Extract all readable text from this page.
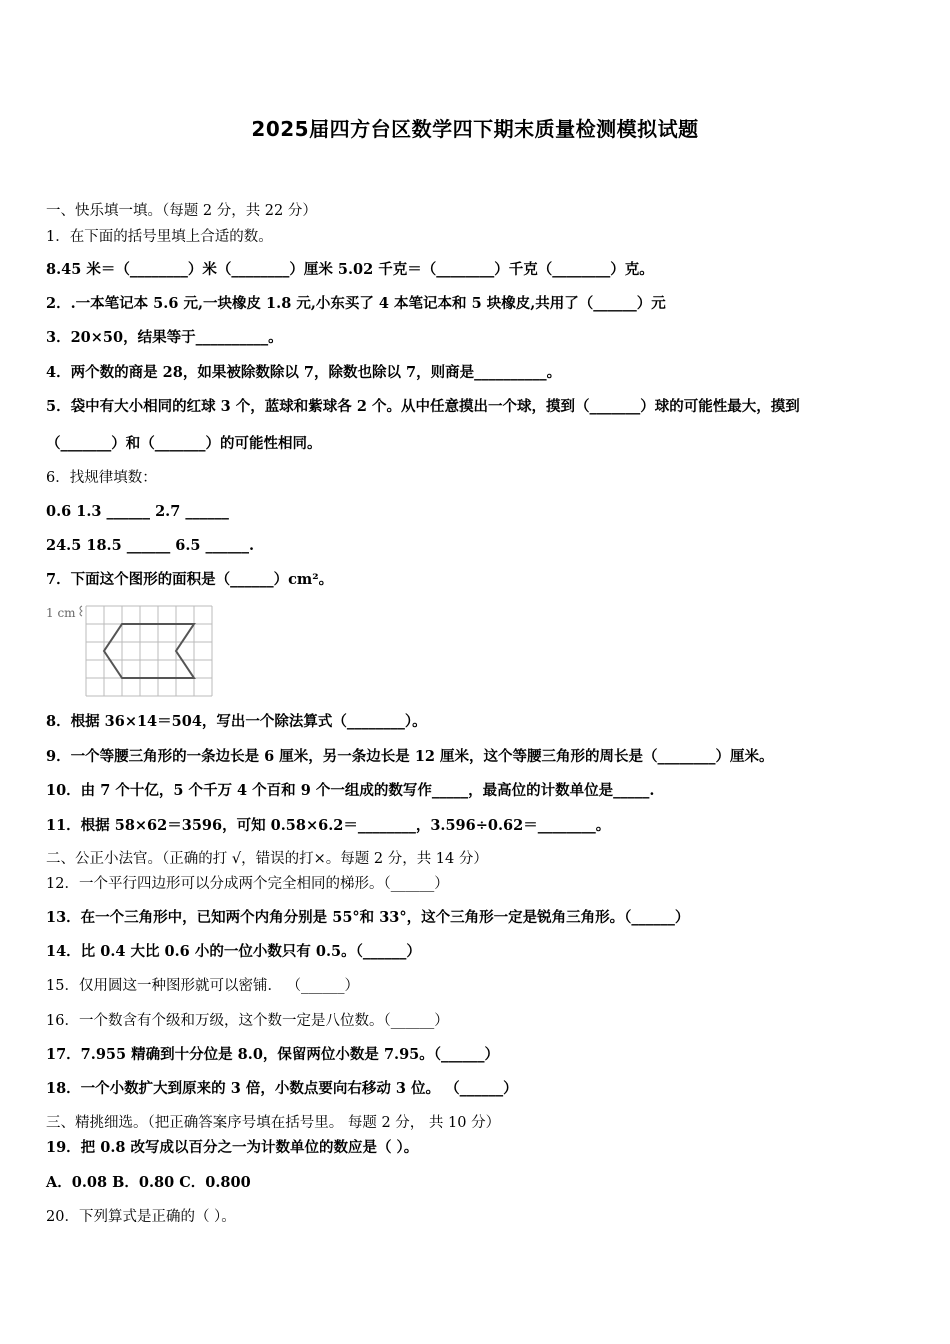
2025届四方台区数学四下期末质量检测模拟试题
一、快乐填一填。（每题 2 分，共 22 分）
1．在下面的括号里填上合适的数。
8.45 米＝（________）米（________）厘米 5.02 千克＝（________）千克（________）克。
2．.一本笔记本 5.6 元,一块橡皮 1.8 元,小东买了 4 本笔记本和 5 块橡皮,共用了（______）元
3．20×50，结果等于__________。
4．两个数的商是 28，如果被除数除以 7，除数也除以 7，则商是__________。
5．袋中有大小相同的红球 3 个，蓝球和紫球各 2 个。从中任意摸出一个球，摸到（_______）球的可能性最大，摸到
（_______）和（_______）的可能性相同。
6．找规律填数：
0.6 1.3 ______ 2.7 ______
24.5 18.5 ______ 6.5 ______.
7．下面这个图形的面积是（______）cm²。
1 cm
8．根据 36×14＝504，写出一个除法算式（________）。
9．一个等腰三角形的一条边长是 6 厘米，另一条边长是 12 厘米，这个等腰三角形的周长是（________）厘米。
10．由 7 个十亿，5 个千万 4 个百和 9 个一组成的数写作_____，最高位的计数单位是_____.
11．根据 58×62＝3596，可知 0.58×6.2＝________，3.596÷0.62＝________。
二、公正小法官。（正确的打 √，错误的打×。每题 2 分，共 14 分）
12．一个平行四边形可以分成两个完全相同的梯形。（______）
13．在一个三角形中，已知两个内角分别是 55°和 33°，这个三角形一定是锐角三角形。（______）
14．比 0.4 大比 0.6 小的一位小数只有 0.5。（______）
15．仅用圆这一种图形就可以密铺． （______）
16．一个数含有个级和万级，这个数一定是八位数。（______）
17．7.955 精确到十分位是 8.0，保留两位小数是 7.95。（______）
18．一个小数扩大到原来的 3 倍，小数点要向右移动 3 位。 （______）
三、精挑细选。（把正确答案序号填在括号里。 每题 2 分， 共 10 分）
19．把 0.8 改写成以百分之一为计数单位的数应是（ ）。
A．0.08 B．0.80 C．0.800
20．下列算式是正确的（ ）。
